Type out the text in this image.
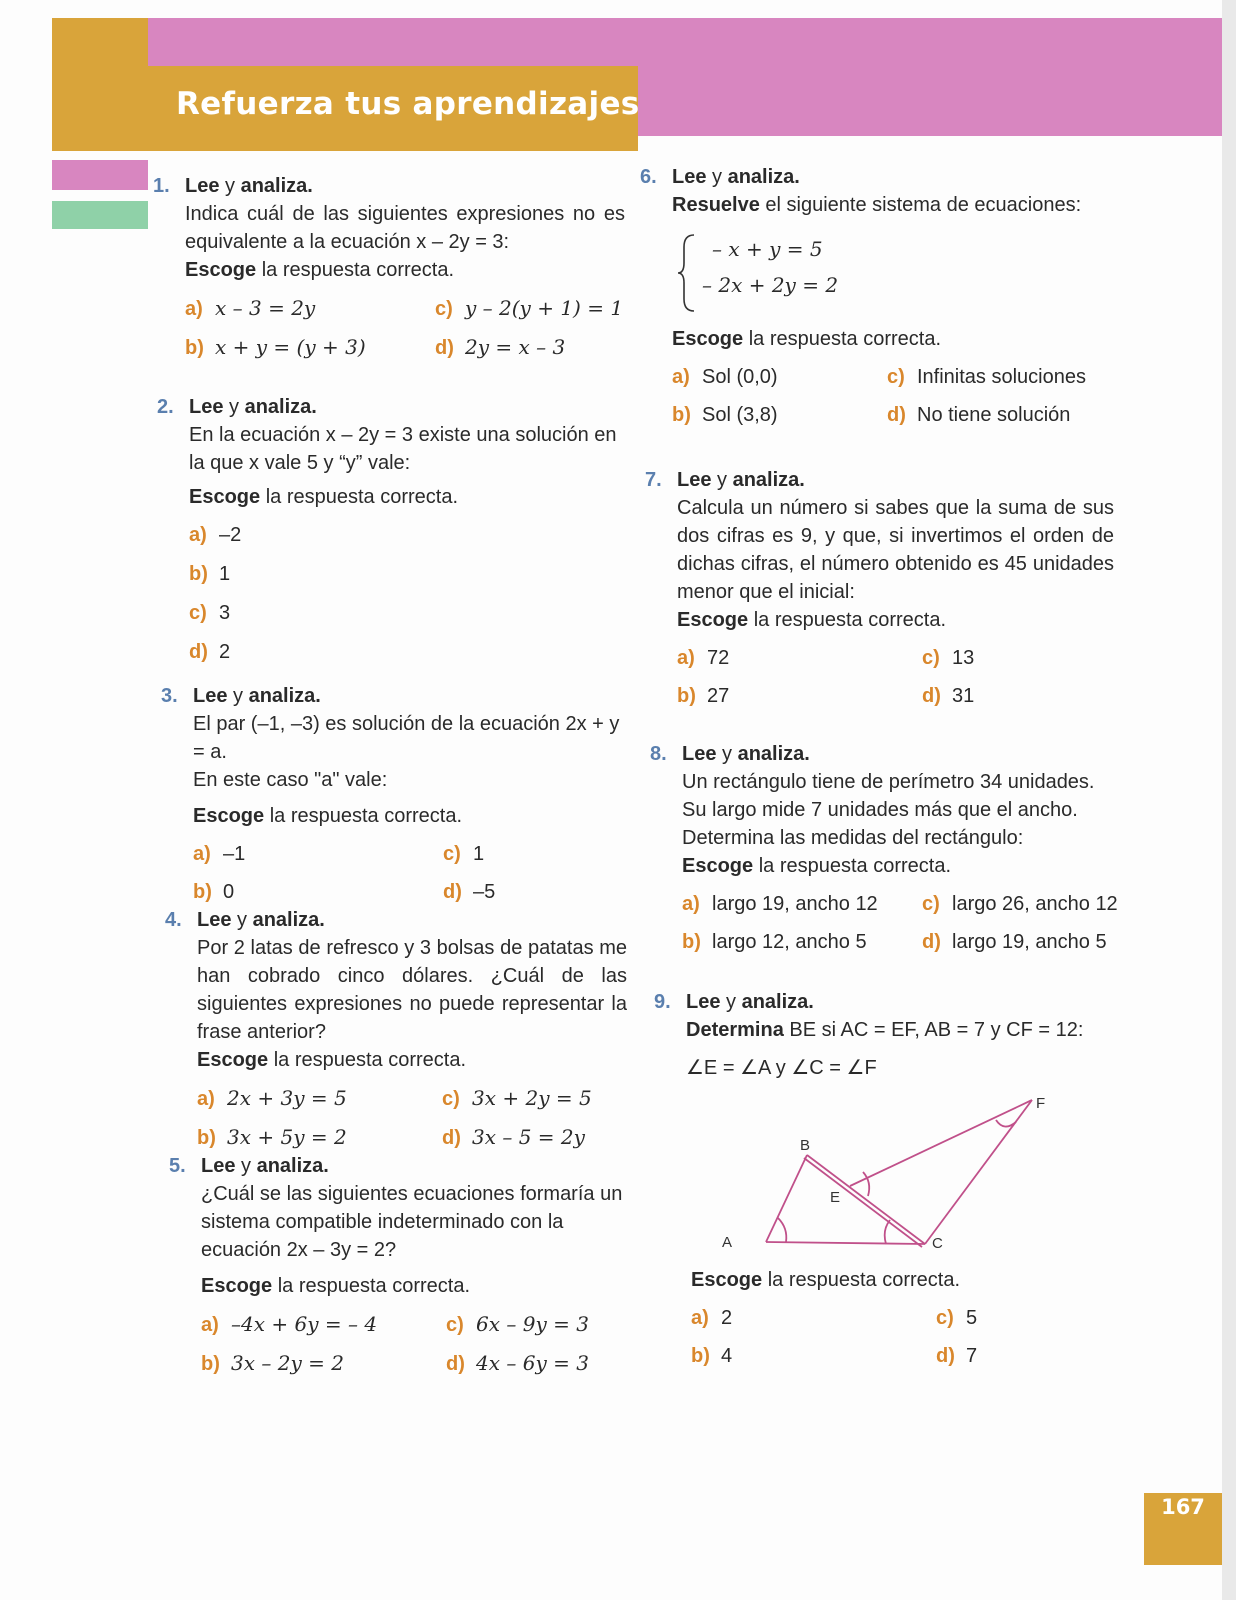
Refuerza tus aprendizajes

1. Lee y analiza.

Indica cuál de las siguientes expresiones no es equivalente a la ecuación x – 2y = 3:

Escoge la respuesta correcta.

a) x – 3 = 2y	c) y – 2(y + 1) = 1
b) x + y = (y + 3)	d) 2y = x – 3

2. Lee y analiza.

En la ecuación x – 2y = 3 existe una solución en la que x vale 5 y “y” vale:

Escoge la respuesta correcta.

a) –2
b) 1
c) 3
d) 2

3. Lee y analiza.

El par (–1, –3) es solución de la ecuación 2x + y = a.

En este caso "a" vale:

Escoge la respuesta correcta.

a) –1	c) 1
b) 0	d) –5

4. Lee y analiza.

Por 2 latas de refresco y 3 bolsas de patatas me han cobrado cinco dólares. ¿Cuál de las siguientes expresiones no puede representar la frase anterior?

Escoge la respuesta correcta.

a) 2x + 3y = 5	c) 3x + 2y = 5
b) 3x + 5y = 2	d) 3x – 5 = 2y

5. Lee y analiza.

¿Cuál se las siguientes ecuaciones formaría un sistema compatible indeterminado con la ecuación 2x – 3y = 2?

Escoge la respuesta correcta.

a) –4x + 6y = – 4	c) 6x – 9y = 3
b) 3x – 2y = 2	d) 4x – 6y = 3

6. Lee y analiza.

Resuelve el siguiente sistema de ecuaciones:

– x + y = 5
– 2x + 2y = 2

Escoge la respuesta correcta.

a) Sol (0,0)	c) Infinitas soluciones
b) Sol (3,8)	d) No tiene solución

7. Lee y analiza.

Calcula un número si sabes que la suma de sus dos cifras es 9, y que, si invertimos el orden de dichas cifras, el número obtenido es 45 unidades menor que el inicial:

Escoge la respuesta correcta.

a) 72	c) 13
b) 27	d) 31

8. Lee y analiza.

Un rectángulo tiene de perímetro 34 unidades. Su largo mide 7 unidades más que el ancho. Determina las medidas del rectángulo:

Escoge la respuesta correcta.

a) largo 19, ancho 12	c) largo 26, ancho 12
b) largo 12, ancho 5	d) largo 19, ancho 5

9. Lee y analiza.

Determina BE si AC = EF, AB = 7 y CF = 12:

∠E = ∠A y ∠C = ∠F

A
B
C
E
F

Escoge la respuesta correcta.

a) 2	c) 5
b) 4	d) 7
167
